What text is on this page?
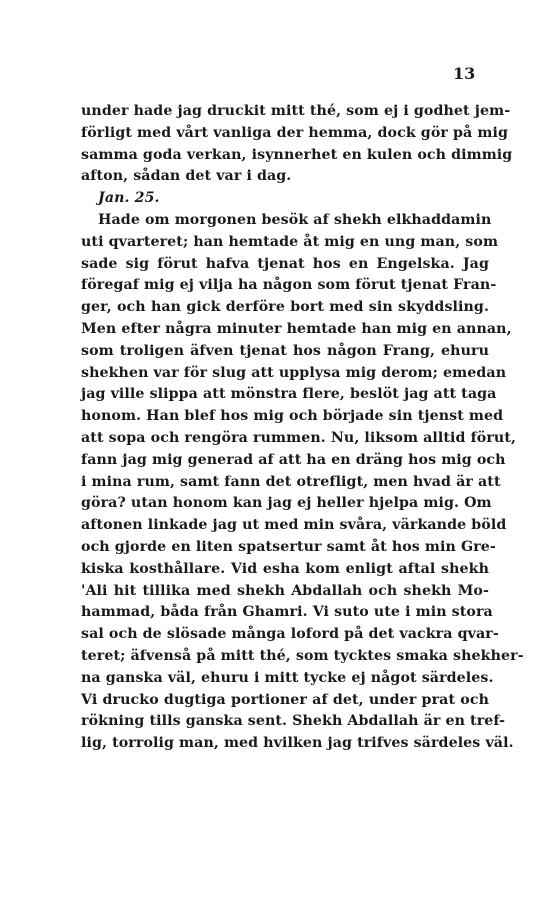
13
under hade jag druckit mitt thé, som ej i godhet jem-
förligt med vårt vanliga der hemma, dock gör på mig
samma goda verkan, isynnerhet en kulen och dimmig
afton, sådan det var i dag.
Jan. 25.
Hade om morgonen besök af shekh elkhaddamin
uti qvarteret; han hemtade åt mig en ung man, som
sade sig förut hafva tjenat hos en Engelska. Jag
föregaf mig ej vilja ha någon som förut tjenat Fran-
ger, och han gick derföre bort med sin skyddsling.
Men efter några minuter hemtade han mig en annan,
som troligen äfven tjenat hos någon Frang, ehuru
shekhen var för slug att upplysa mig derom; emedan
jag ville slippa att mönstra flere, beslöt jag att taga
honom. Han blef hos mig och började sin tjenst med
att sopa och rengöra rummen. Nu, liksom alltid förut,
fann jag mig generad af att ha en dräng hos mig och
i mina rum, samt fann det otrefligt, men hvad är att
göra? utan honom kan jag ej heller hjelpa mig. Om
aftonen linkade jag ut med min svåra, värkande böld
och gjorde en liten spatsertur samt åt hos min Gre-
kiska kosthållare. Vid esha kom enligt aftal shekh
'Ali hit tillika med shekh Abdallah och shekh Mo-
hammad, båda från Ghamri. Vi suto ute i min stora
sal och de slösade många loford på det vackra qvar-
teret; äfvenså på mitt thé, som tycktes smaka shekher-
na ganska väl, ehuru i mitt tycke ej något särdeles.
Vi drucko dugtiga portioner af det, under prat och
rökning tills ganska sent. Shekh Abdallah är en tref-
lig, torrolig man, med hvilken jag trifves särdeles väl.
